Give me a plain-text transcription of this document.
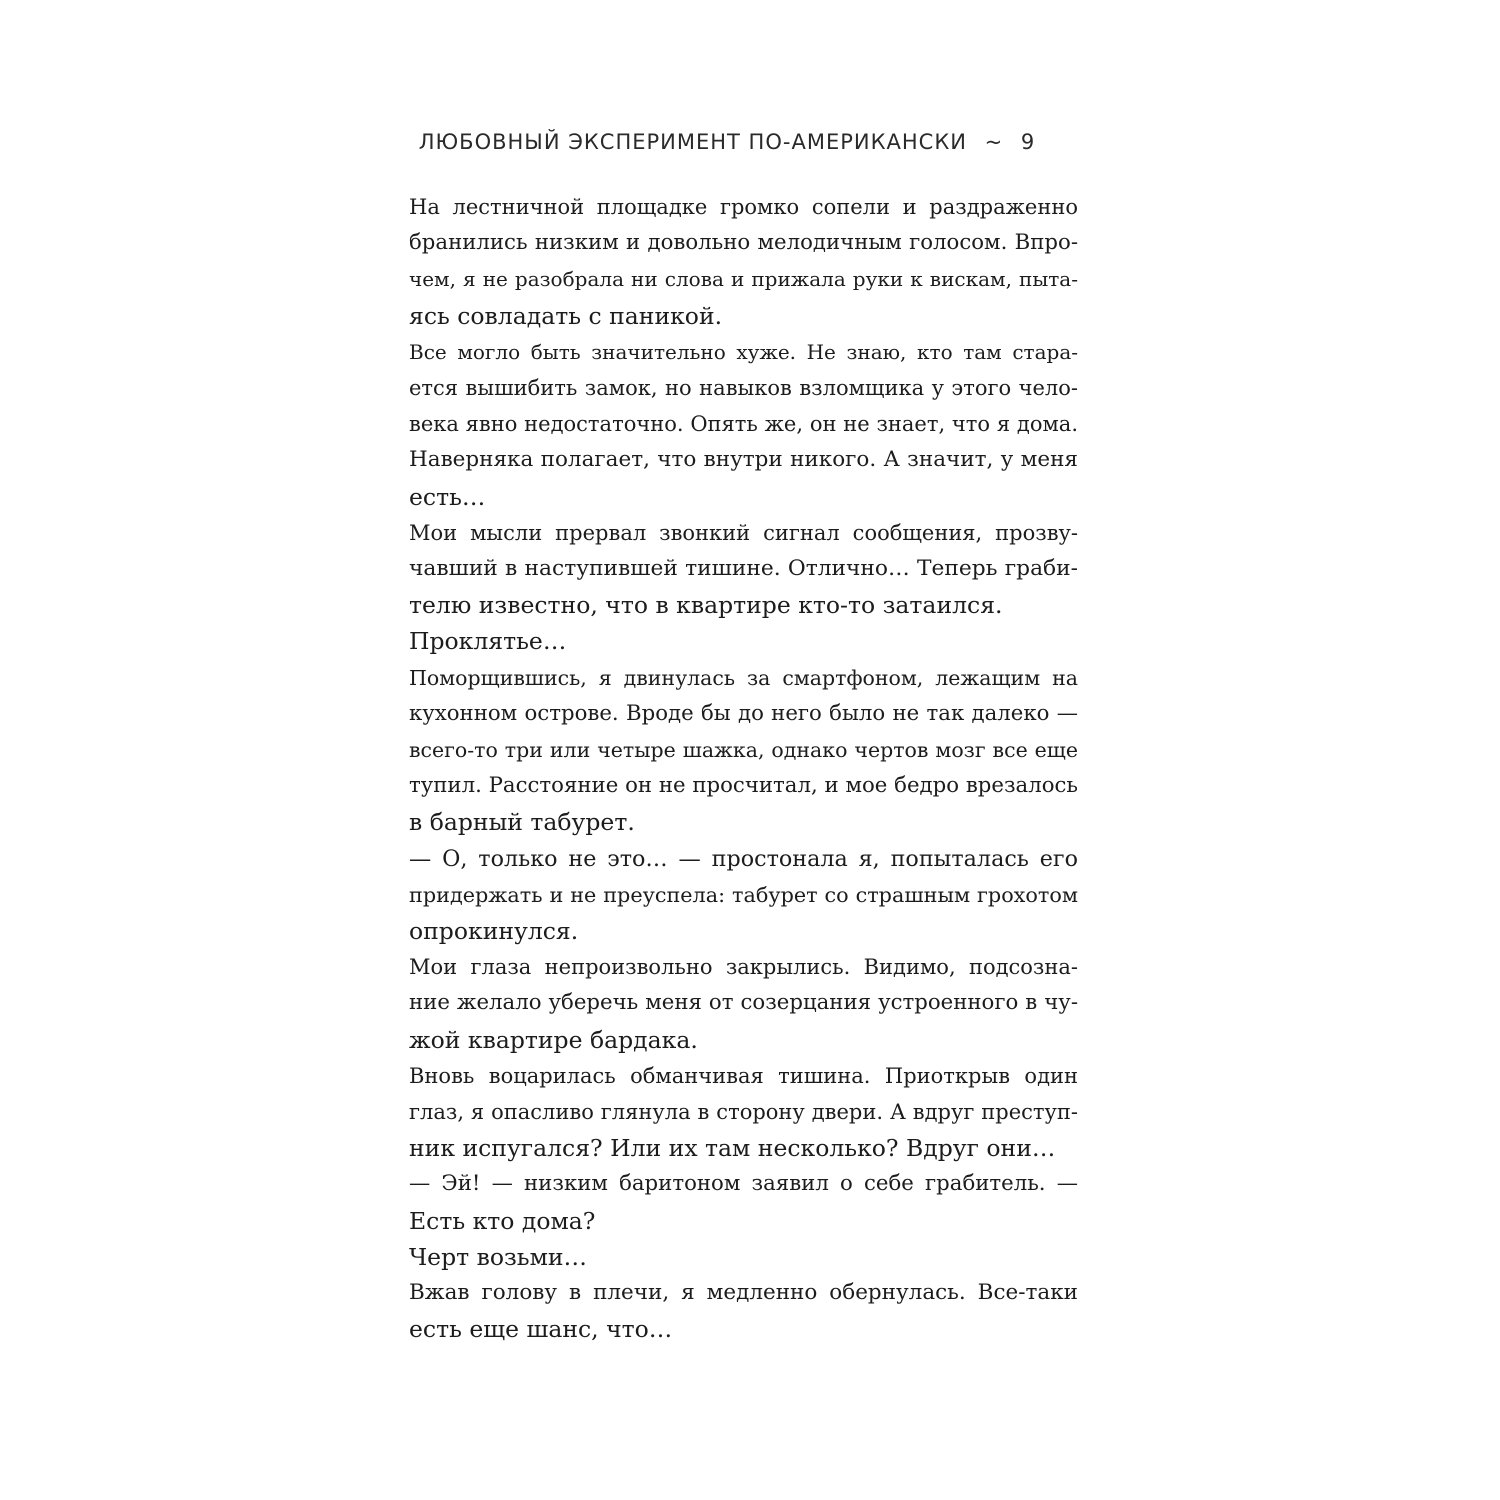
ЛЮБОВНЫЙ ЭКСПЕРИМЕНТ ПО-АМЕРИКАНСКИ ~ 9

На лестничной площадке громко сопели и раздраженно
бранились низким и довольно мелодичным голосом. Впро-
чем, я не разобрала ни слова и прижала руки к вискам, пыта-
ясь совладать с паникой.

Все могло быть значительно хуже. Не знаю, кто там стара-
ется вышибить замок, но навыков взломщика у этого чело-
века явно недостаточно. Опять же, он не знает, что я дома.
Наверняка полагает, что внутри никого. А значит, у меня
есть…

Мои мысли прервал звонкий сигнал сообщения, прозву-
чавший в наступившей тишине. Отлично… Теперь граби-
телю известно, что в квартире кто-то затаился.

Проклятье…

Поморщившись, я двинулась за смартфоном, лежащим на
кухонном острове. Вроде бы до него было не так далеко —
всего-то три или четыре шажка, однако чертов мозг все еще
тупил. Расстояние он не просчитал, и мое бедро врезалось
в барный табурет.

— О, только не это… — простонала я, попыталась его
придержать и не преуспела: табурет со страшным грохотом
опрокинулся.

Мои глаза непроизвольно закрылись. Видимо, подсозна-
ние желало уберечь меня от созерцания устроенного в чу-
жой квартире бардака.

Вновь воцарилась обманчивая тишина. Приоткрыв один
глаз, я опасливо глянула в сторону двери. А вдруг преступ-
ник испугался? Или их там несколько? Вдруг они…

— Эй! — низким баритоном заявил о себе грабитель. —
Есть кто дома?

Черт возьми…

Вжав голову в плечи, я медленно обернулась. Все-таки
есть еще шанс, что…
